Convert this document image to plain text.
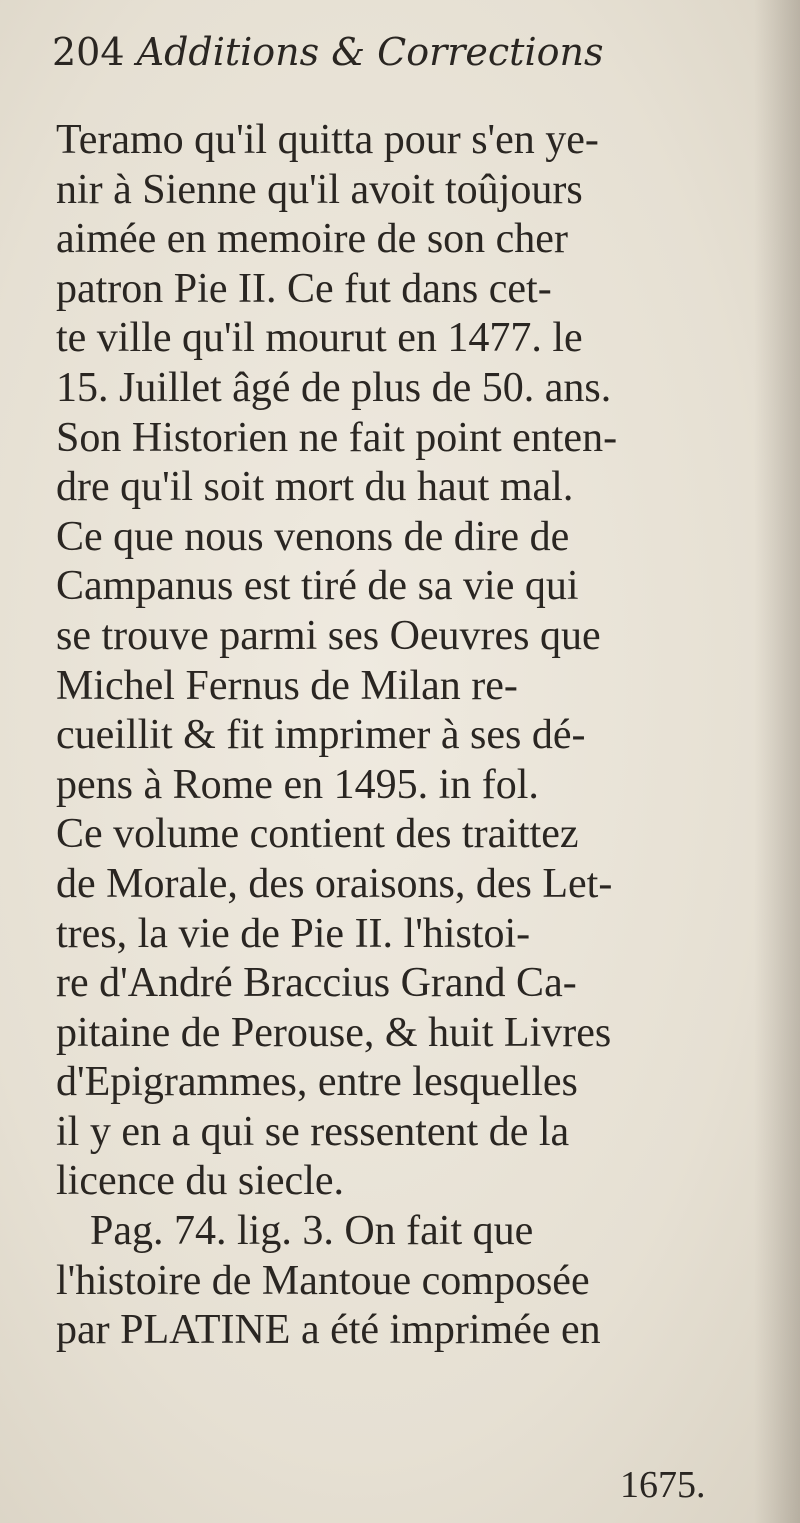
204 Additions & Corrections
Teramo qu'il quitta pour s'en ye-
nir à Sienne qu'il avoit toûjours
aimée en memoire de son cher
patron Pie II. Ce fut dans cet-
te ville qu'il mourut en 1477. le
15. Juillet âgé de plus de 50. ans.
Son Historien ne fait point enten-
dre qu'il soit mort du haut mal.
Ce que nous venons de dire de
Campanus est tiré de sa vie qui
se trouve parmi ses Oeuvres que
Michel Fernus de Milan re-
cueillit & fit imprimer à ses dé-
pens à Rome en 1495. in fol.
Ce volume contient des traittez
de Morale, des oraisons, des Let-
tres, la vie de Pie II. l'histoi-
re d'André Braccius Grand Ca-
pitaine de Perouse, & huit Livres
d'Epigrammes, entre lesquelles
il y en a qui se ressentent de la
licence du siecle.
Pag. 74. lig. 3. On fait que
l'histoire de Mantoue composée
par PLATINE a été imprimée en
1675.
